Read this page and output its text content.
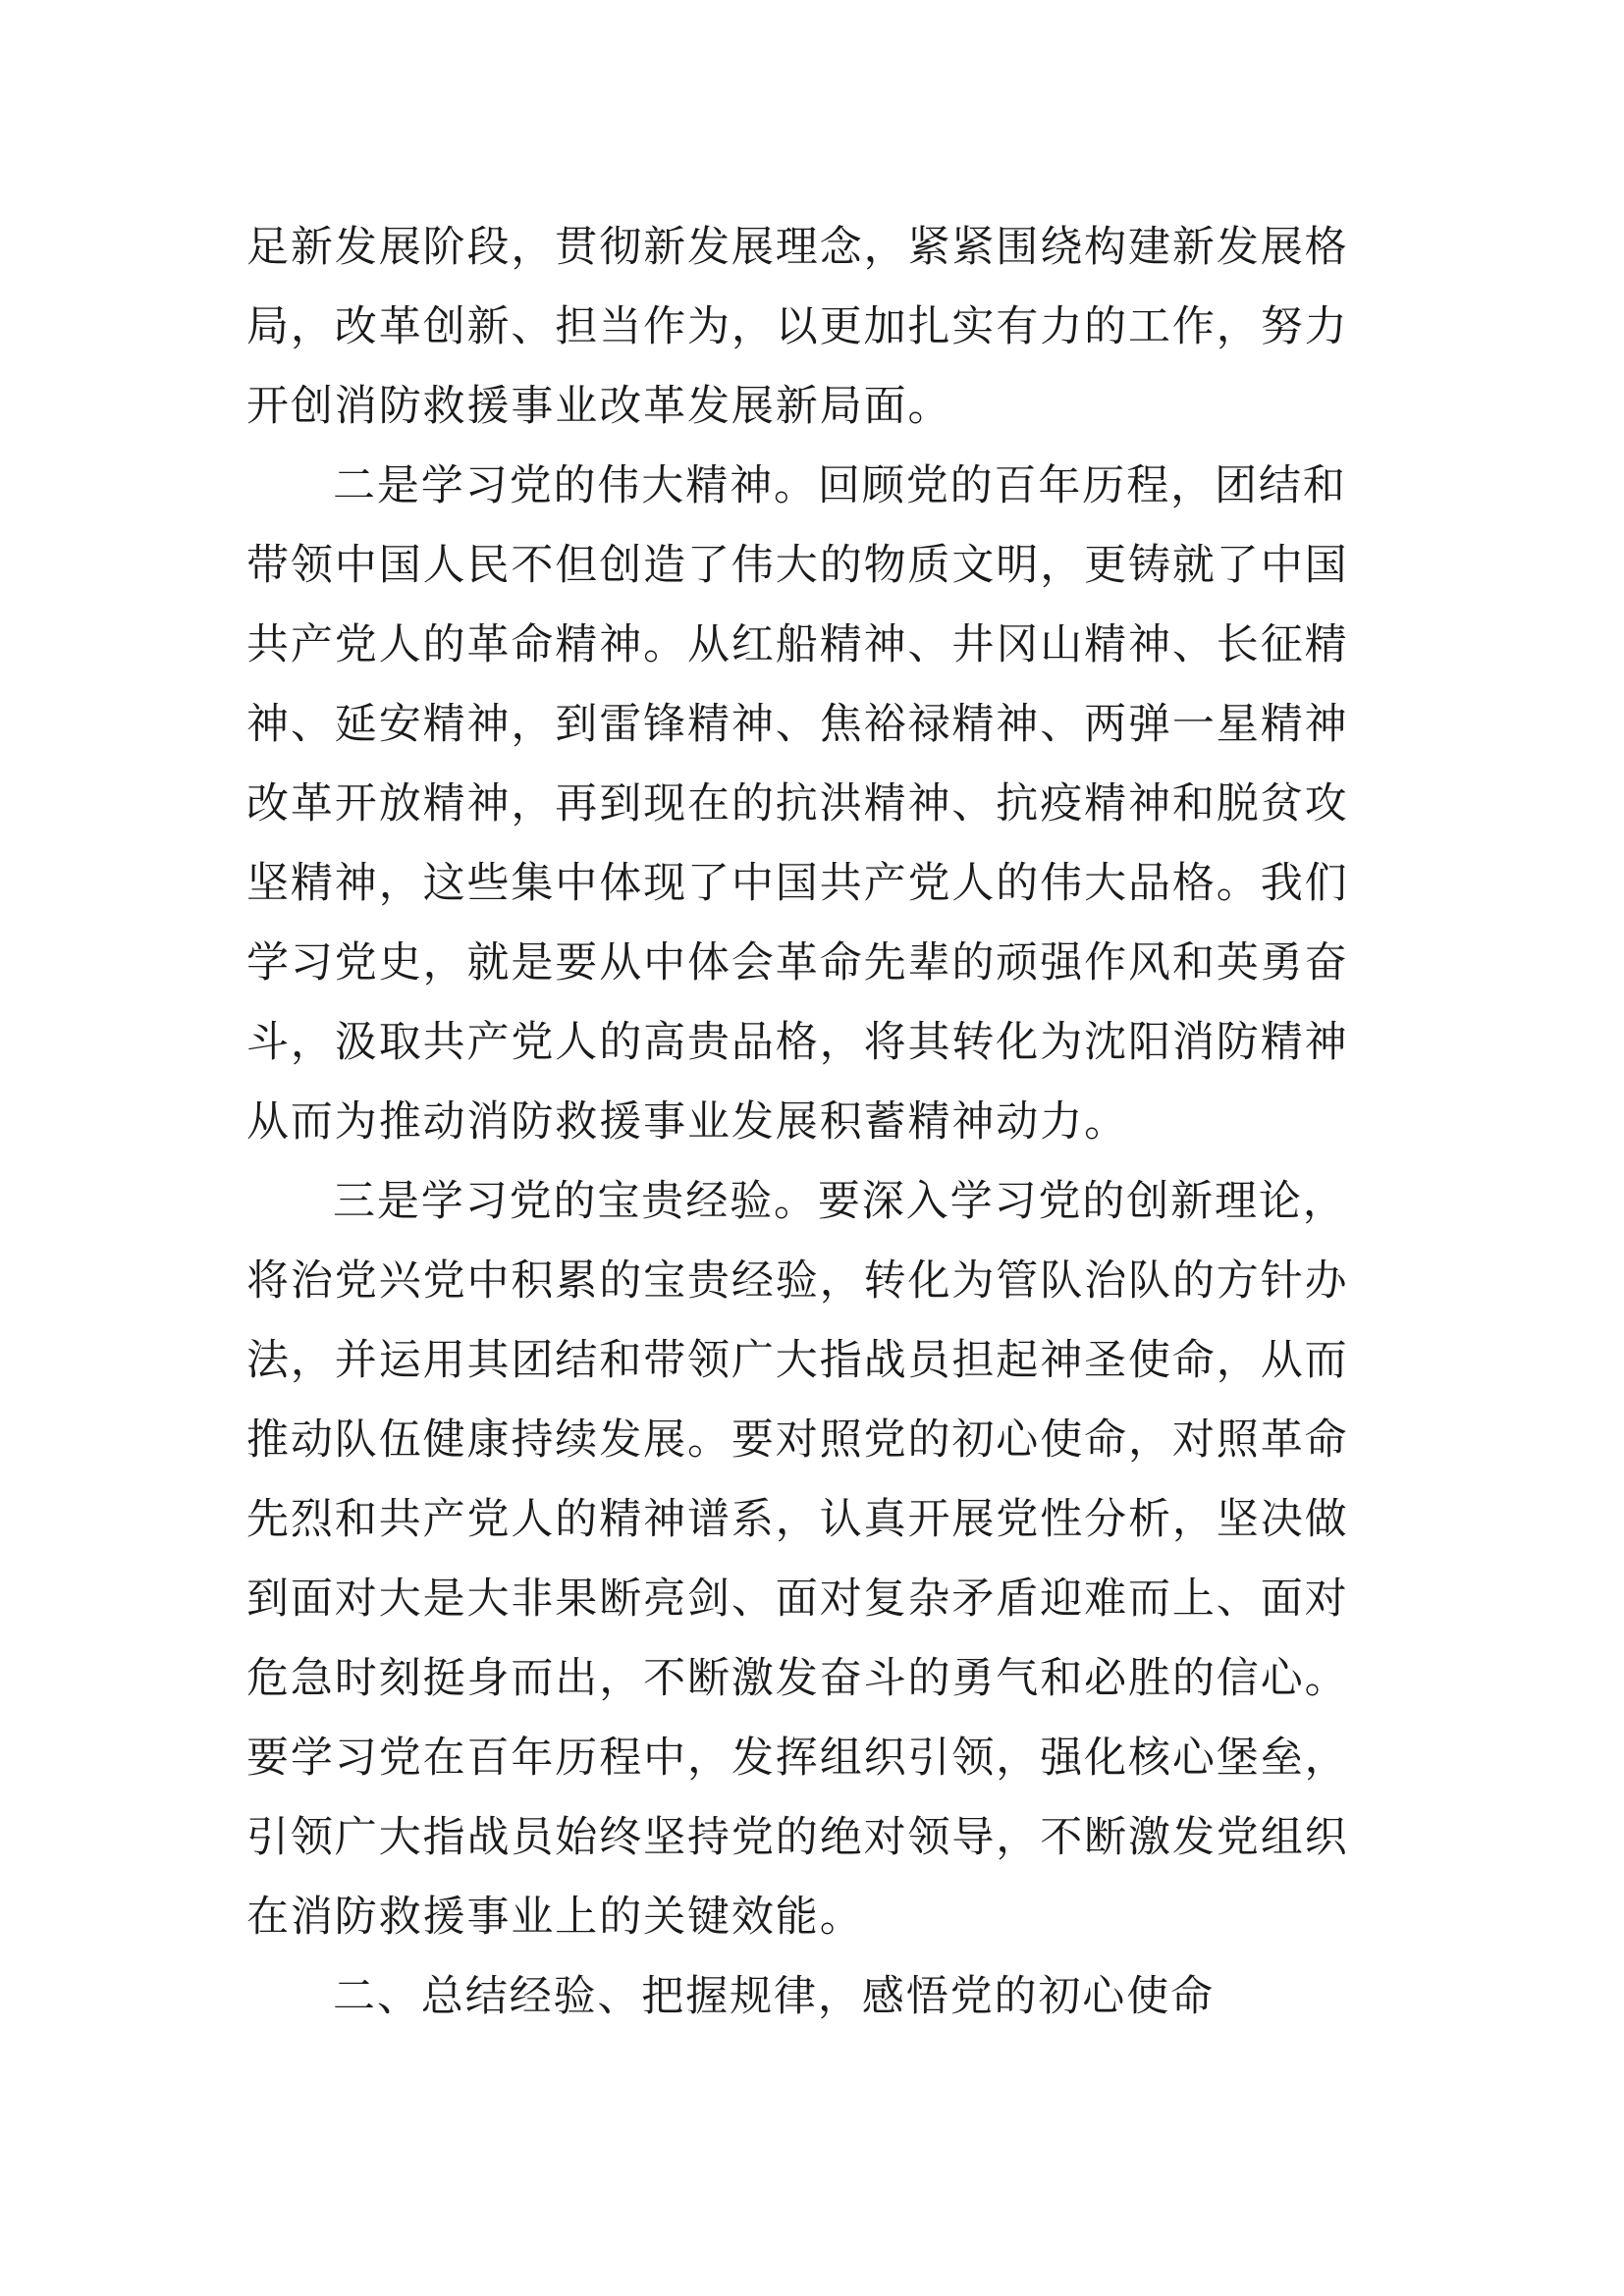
足新发展阶段，贯彻新发展理念，紧紧围绕构建新发展格
局，改革创新、担当作为，以更加扎实有力的工作，努力
开创消防救援事业改革发展新局面。
二是学习党的伟大精神。回顾党的百年历程，团结和
带领中国人民不但创造了伟大的物质文明，更铸就了中国
共产党人的革命精神。从红船精神、井冈山精神、长征精
神、延安精神，到雷锋精神、焦裕禄精神、两弹一星精神
改革开放精神，再到现在的抗洪精神、抗疫精神和脱贫攻
坚精神，这些集中体现了中国共产党人的伟大品格。我们
学习党史，就是要从中体会革命先辈的顽强作风和英勇奋
斗，汲取共产党人的高贵品格，将其转化为沈阳消防精神
从而为推动消防救援事业发展积蓄精神动力。
三是学习党的宝贵经验。要深入学习党的创新理论，
将治党兴党中积累的宝贵经验，转化为管队治队的方针办
法，并运用其团结和带领广大指战员担起神圣使命，从而
推动队伍健康持续发展。要对照党的初心使命，对照革命
先烈和共产党人的精神谱系，认真开展党性分析，坚决做
到面对大是大非果断亮剑、面对复杂矛盾迎难而上、面对
危急时刻挺身而出，不断激发奋斗的勇气和必胜的信心。
要学习党在百年历程中，发挥组织引领，强化核心堡垒，
引领广大指战员始终坚持党的绝对领导，不断激发党组织
在消防救援事业上的关键效能。
二、总结经验、把握规律，感悟党的初心使命
